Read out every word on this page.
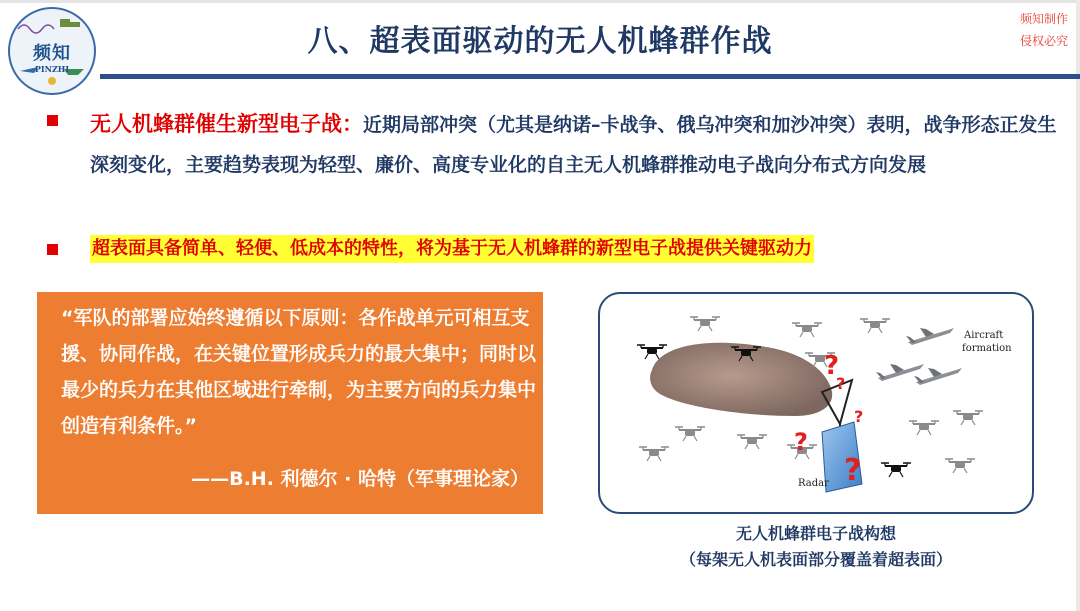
频知
PINZHI
八、超表面驱动的无人机蜂群作战
频知制作
侵权必究
无人机蜂群催生新型电子战：近期局部冲突（尤其是纳诺–卡战争、俄乌冲突和加沙冲突）表明，战争形态正发生深刻变化，主要趋势表现为轻型、廉价、高度专业化的自主无人机蜂群推动电子战向分布式方向发展
超表面具备简单、轻便、低成本的特性，将为基于无人机蜂群的新型电子战提供关键驱动力
“军队的部署应始终遵循以下原则：各作战单元可相互支援、协同作战，在关键位置形成兵力的最大集中；同时以最少的兵力在其他区域进行牵制，为主要方向的兵力集中创造有利条件。”
——B.H. 利德尔 · 哈特（军事理论家）
?
?
?
?
?
Aircraft
formation
Radar
无人机蜂群电子战构想
（每架无人机表面部分覆盖着超表面）
